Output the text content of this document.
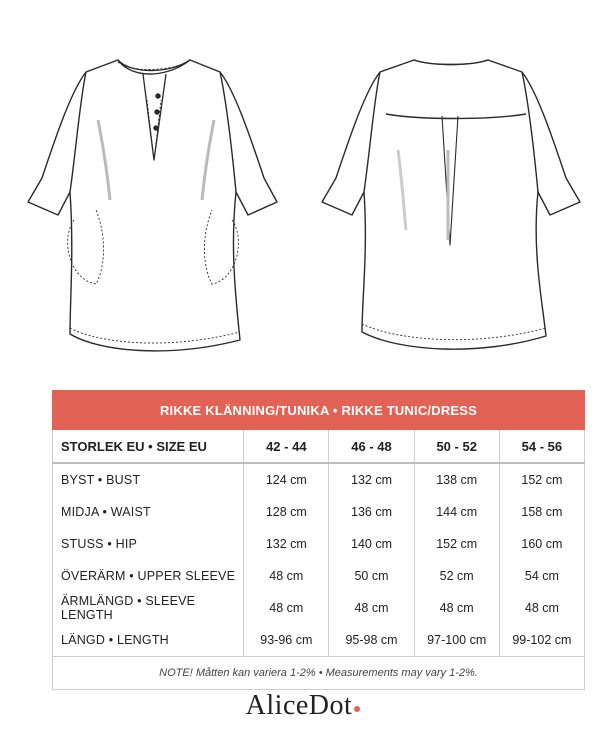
RIKKE KLÄNNING/TUNIKA • RIKKE TUNIC/DRESS				
STORLEK EU • SIZE EU	42 - 44	46 - 48	50 - 52	54 - 56
BYST • BUST	124 cm	132 cm	138 cm	152 cm
MIDJA • WAIST	128 cm	136 cm	144 cm	158 cm
STUSS • HIP	132 cm	140 cm	152 cm	160 cm
ÖVERÄRM • UPPER SLEEVE	48 cm	50 cm	52 cm	54 cm
ÄRMLÄNGD • SLEEVE LENGTH	48 cm	48 cm	48 cm	48 cm
LÄNGD • LENGTH	93-96 cm	95-98 cm	97-100 cm	99-102 cm
NOTE! Måtten kan variera 1-2% • Measurements may vary 1-2%.				
AliceDot
